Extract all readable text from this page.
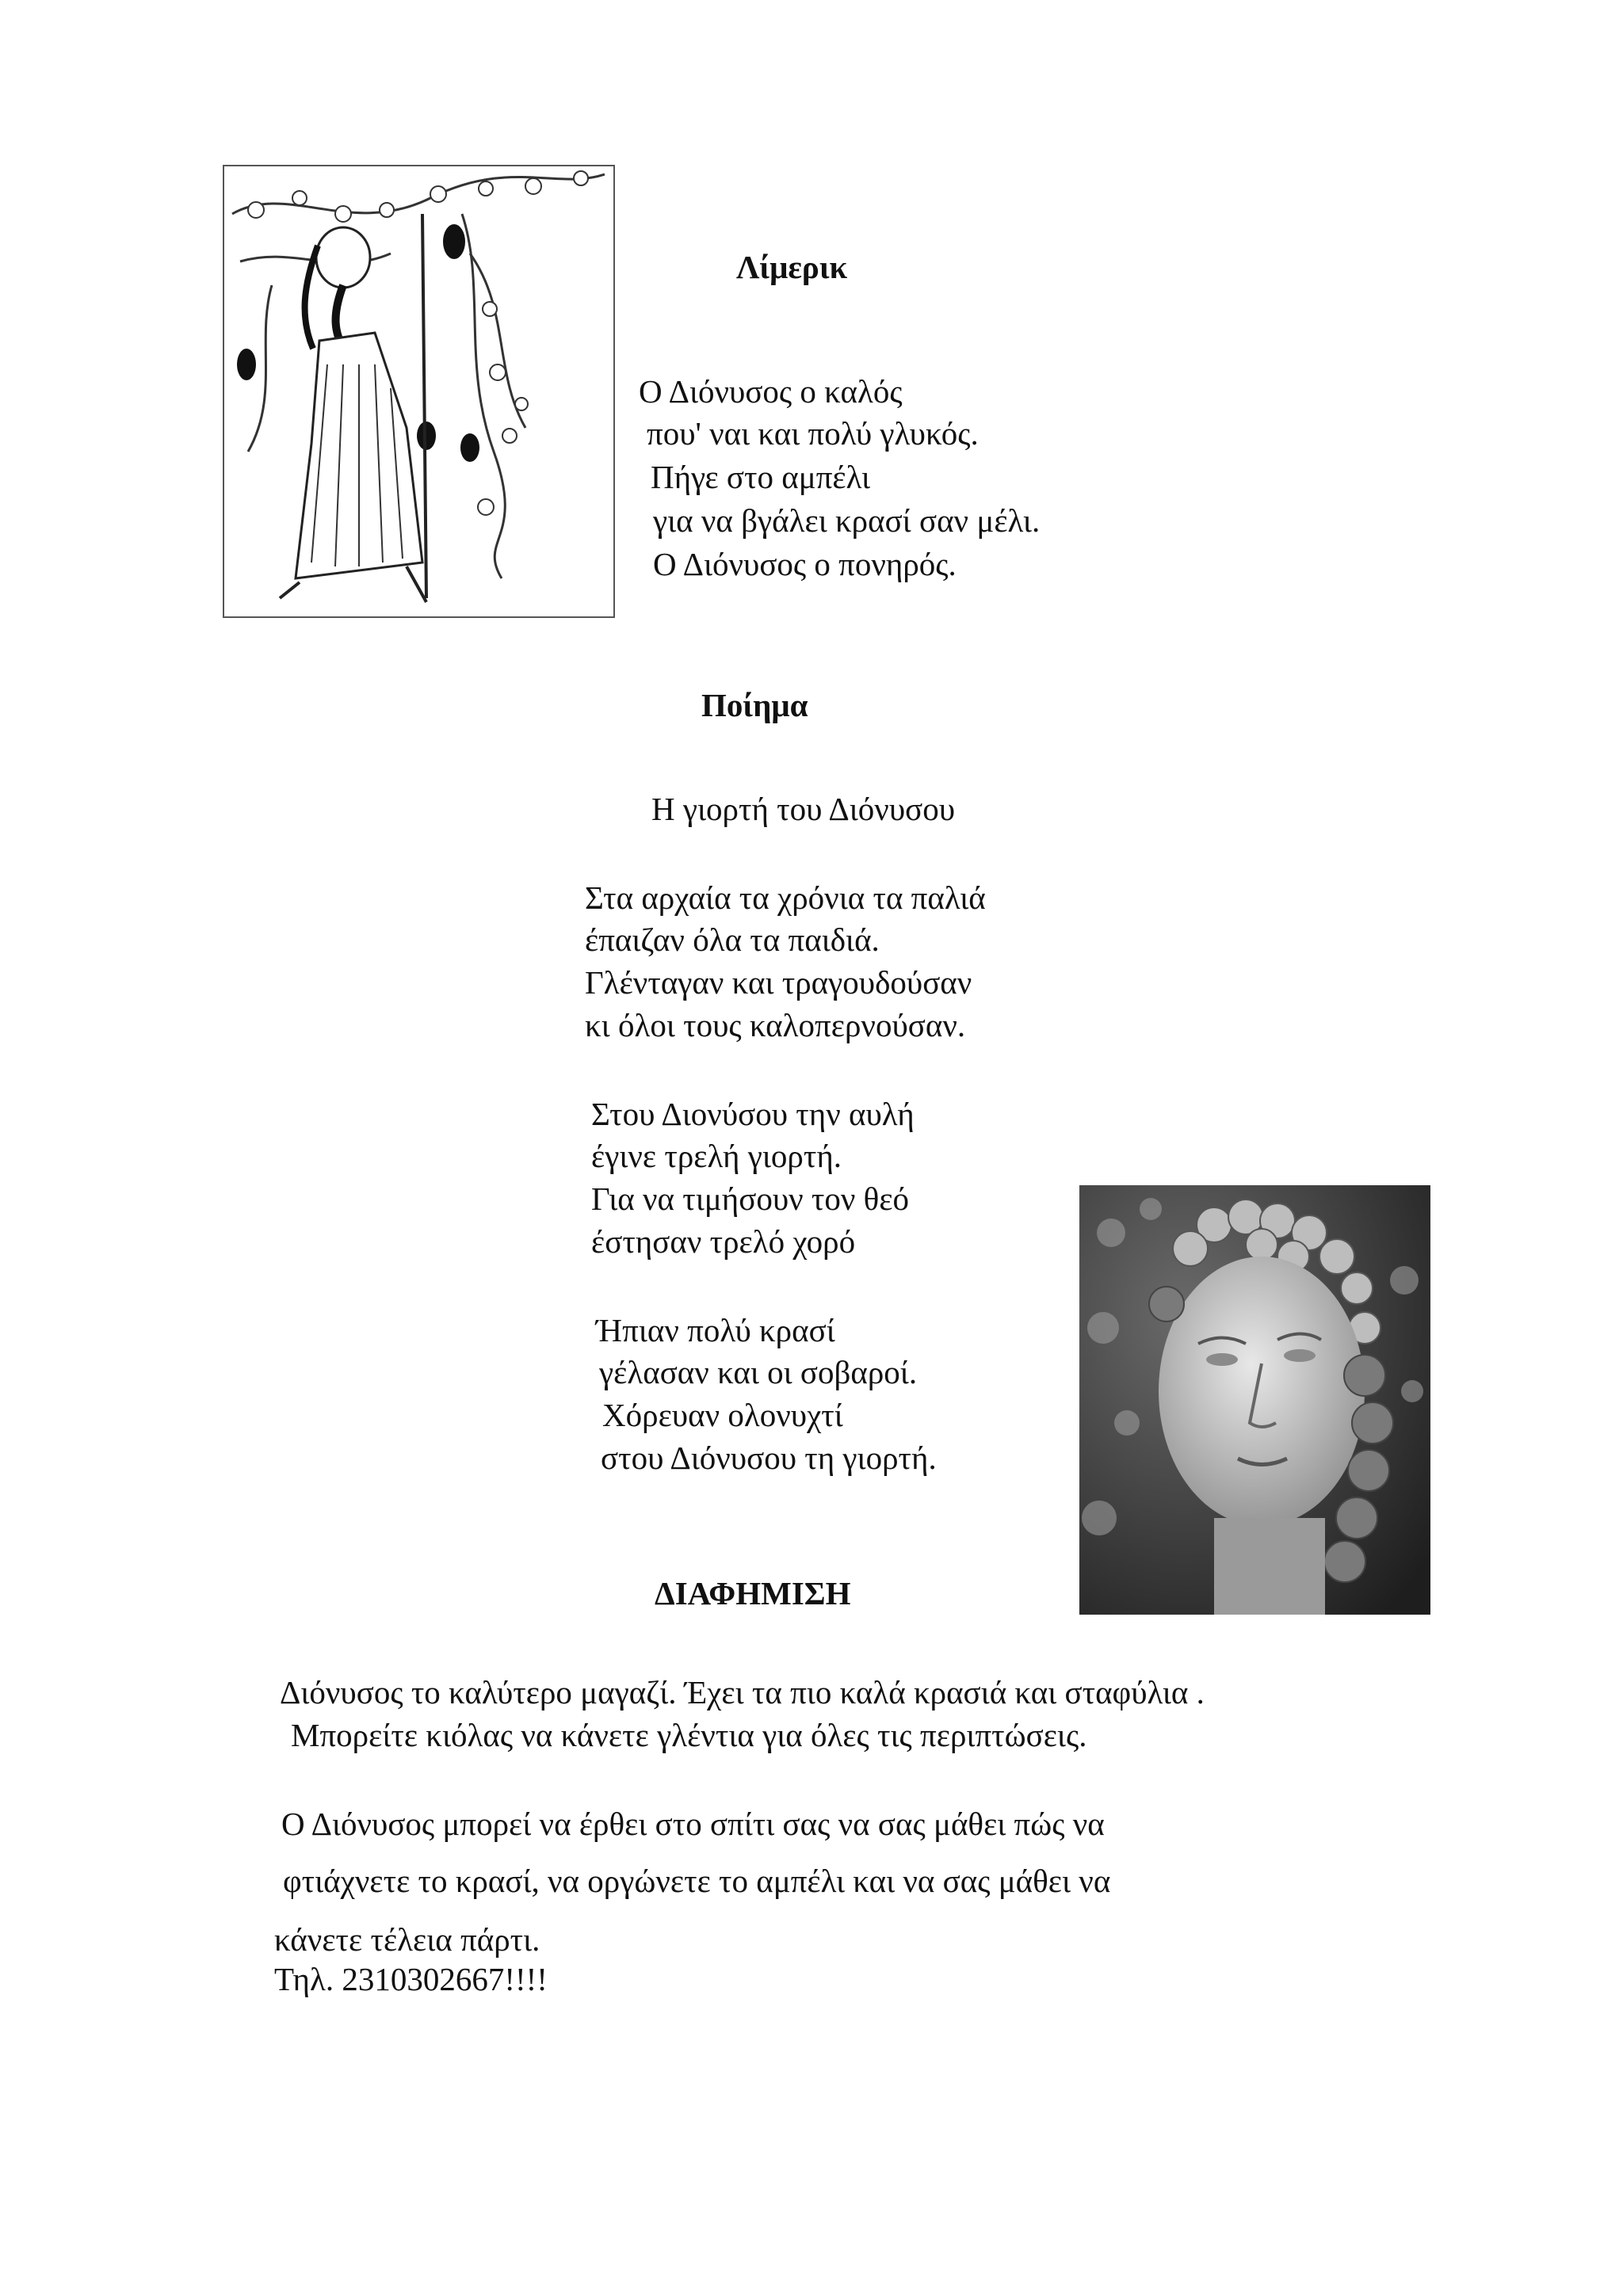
Λίμερικ
Ο Διόνυσος ο καλός
που' ναι και πολύ γλυκός.
Πήγε στο αμπέλι
για να βγάλει κρασί σαν μέλι.
Ο Διόνυσος ο πονηρός.
Ποίημα
Η γιορτή του Διόνυσου
Στα αρχαία τα χρόνια τα παλιά
έπαιζαν όλα τα παιδιά.
Γλένταγαν και τραγουδούσαν
κι όλοι τους καλοπερνούσαν.
Στου Διονύσου την αυλή
έγινε τρελή γιορτή.
Για να τιμήσουν τον θεό
έστησαν τρελό χορό
Ήπιαν πολύ κρασί
γέλασαν και οι σοβαροί.
Χόρευαν ολονυχτί
στου Διόνυσου τη γιορτή.
ΔΙΑΦΗΜΙΣΗ
Διόνυσος το καλύτερο μαγαζί. Έχει τα πιο καλά κρασιά και σταφύλια .
Μπορείτε κιόλας να κάνετε γλέντια για όλες τις περιπτώσεις.
Ο Διόνυσος μπορεί να έρθει στο σπίτι σας να σας μάθει πώς να
φτιάχνετε το κρασί, να οργώνετε το αμπέλι και να σας μάθει να
κάνετε τέλεια πάρτι.
Τηλ. 2310302667!!!!
